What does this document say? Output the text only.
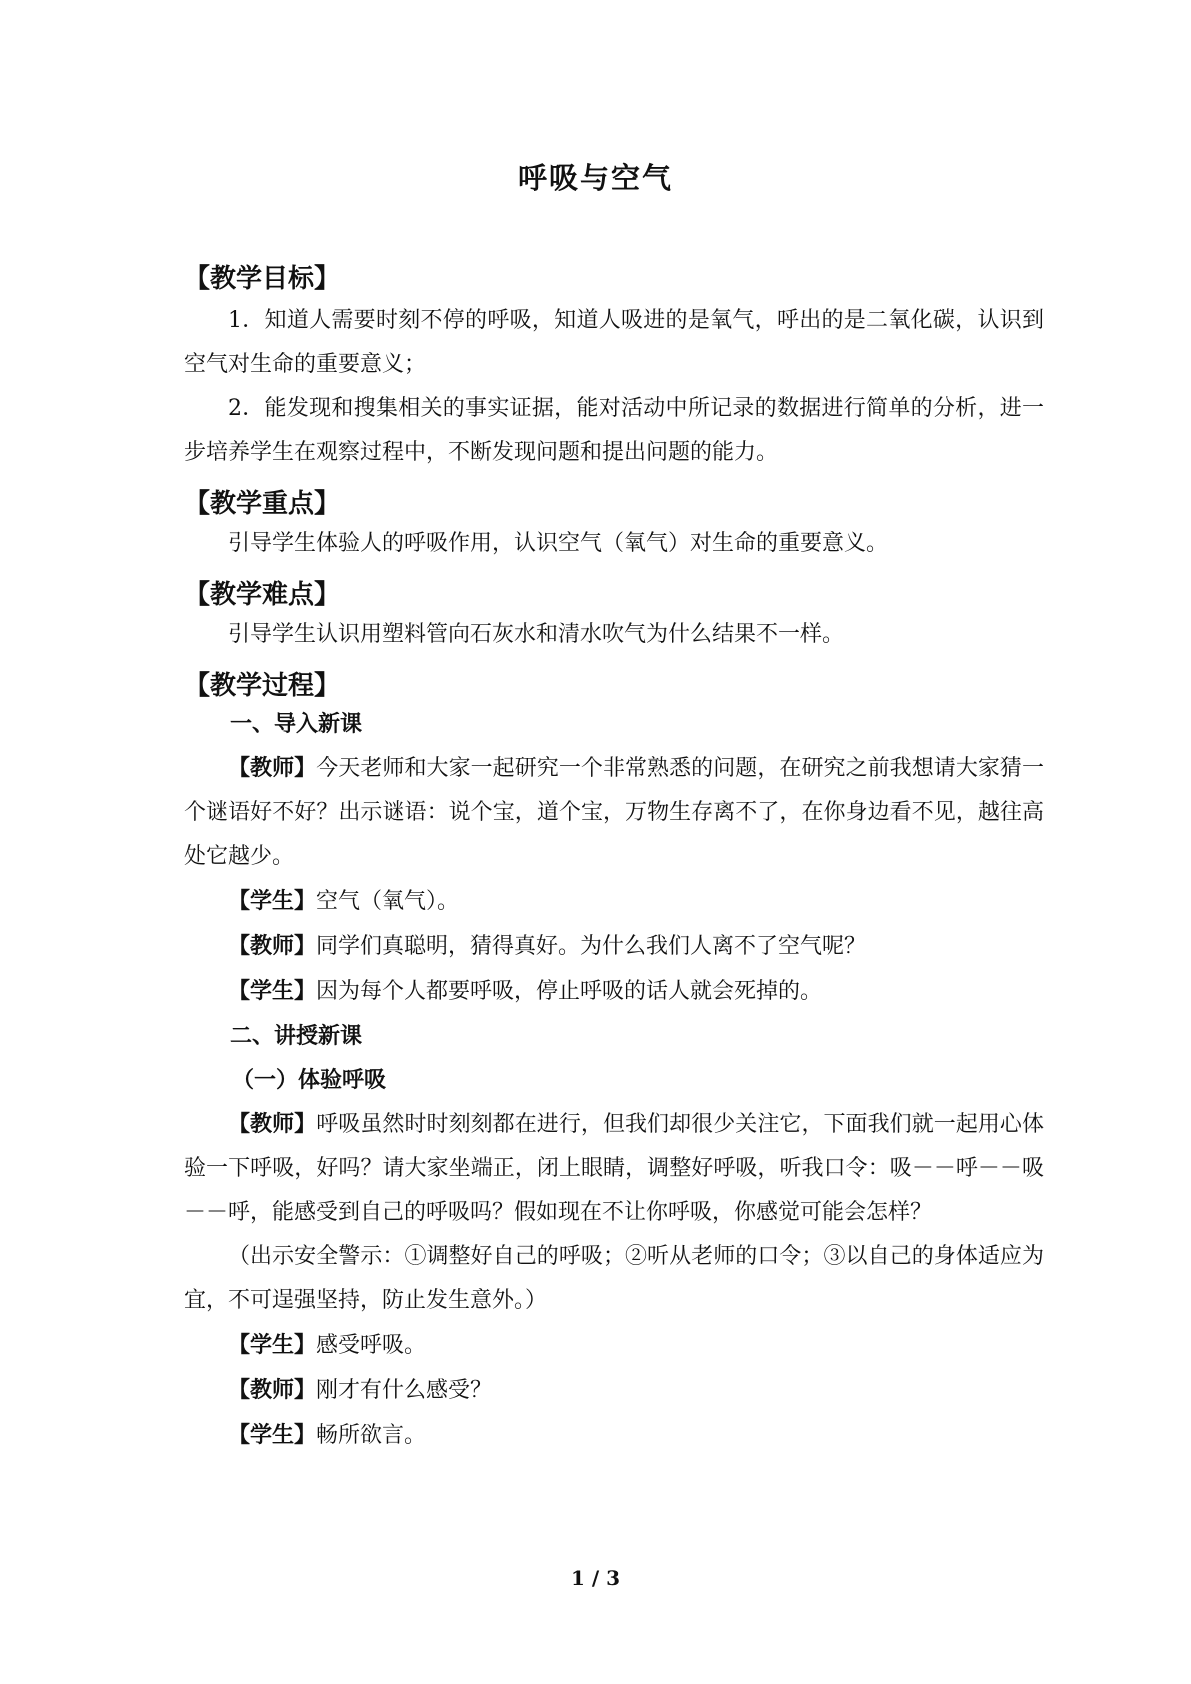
呼吸与空气

【教学目标】

1．知道人需要时刻不停的呼吸，知道人吸进的是氧气，呼出的是二氧化碳，认识到空气对生命的重要意义；

2．能发现和搜集相关的事实证据，能对活动中所记录的数据进行简单的分析，进一步培养学生在观察过程中，不断发现问题和提出问题的能力。

【教学重点】

引导学生体验人的呼吸作用，认识空气（氧气）对生命的重要意义。

【教学难点】

引导学生认识用塑料管向石灰水和清水吹气为什么结果不一样。

【教学过程】

一、导入新课

【教师】今天老师和大家一起研究一个非常熟悉的问题，在研究之前我想请大家猜一个谜语好不好？出示谜语：说个宝，道个宝，万物生存离不了，在你身边看不见，越往高处它越少。

【学生】空气（氧气）。

【教师】同学们真聪明，猜得真好。为什么我们人离不了空气呢？

【学生】因为每个人都要呼吸，停止呼吸的话人就会死掉的。

二、讲授新课

（一）体验呼吸

【教师】呼吸虽然时时刻刻都在进行，但我们却很少关注它，下面我们就一起用心体验一下呼吸，好吗？请大家坐端正，闭上眼睛，调整好呼吸，听我口令：吸－－呼－－吸－－呼，能感受到自己的呼吸吗？假如现在不让你呼吸，你感觉可能会怎样？

（出示安全警示：①调整好自己的呼吸；②听从老师的口令；③以自己的身体适应为宜，不可逞强坚持，防止发生意外。）

【学生】感受呼吸。

【教师】刚才有什么感受？

【学生】畅所欲言。

1 / 3
